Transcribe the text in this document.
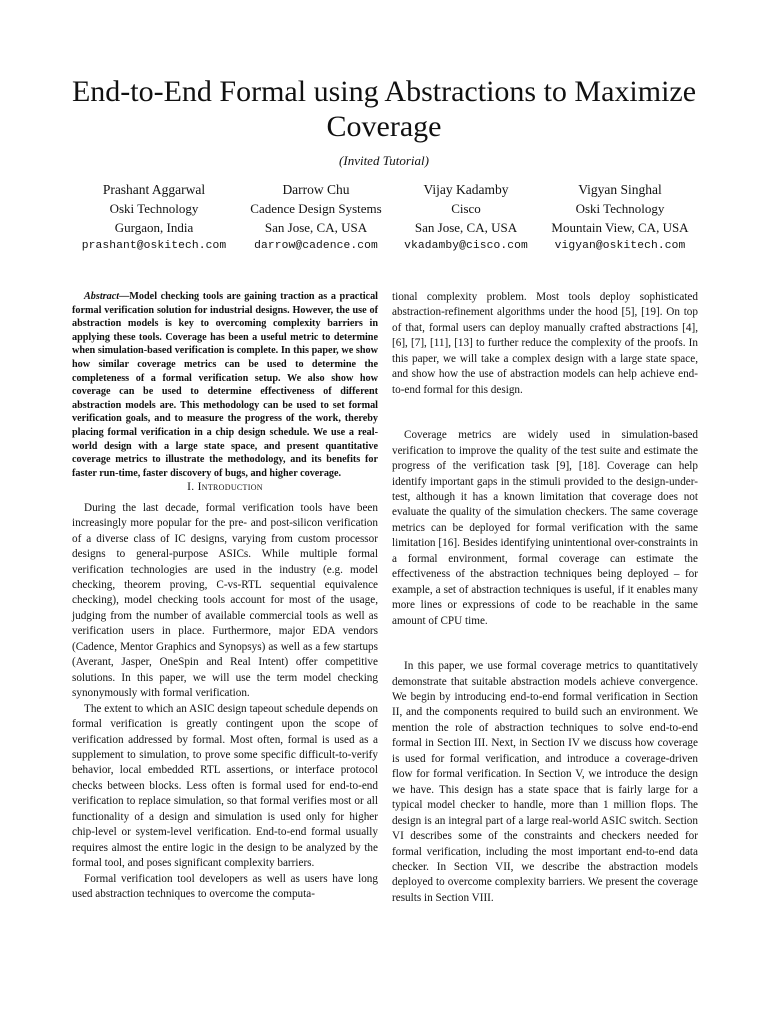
End-to-End Formal using Abstractions to Maximize Coverage
(Invited Tutorial)
Prashant Aggarwal
Oski Technology
Gurgaon, India
prashant@oskitech.com
Darrow Chu
Cadence Design Systems
San Jose, CA, USA
darrow@cadence.com
Vijay Kadamby
Cisco
San Jose, CA, USA
vkadamby@cisco.com
Vigyan Singhal
Oski Technology
Mountain View, CA, USA
vigyan@oskitech.com

Abstract—Model checking tools are gaining traction as a practical formal verification solution for industrial designs. However, the use of abstraction models is key to overcoming complexity barriers in applying these tools. Coverage has been a useful metric to determine when simulation-based verification is complete. In this paper, we show how similar coverage metrics can be used to determine the completeness of a formal verification setup. We also show how coverage can be used to determine effectiveness of different abstraction models are. This methodology can be used to set formal verification goals, and to measure the progress of the work, thereby placing formal verification in a chip design schedule. We use a real-world design with a large state space, and present quantitative coverage metrics to illustrate the methodology, and its benefits for faster run-time, faster discovery of bugs, and higher coverage.

I. Introduction

During the last decade, formal verification tools have been increasingly more popular for the pre- and post-silicon verification of a diverse class of IC designs, varying from custom processor designs to general-purpose ASICs. While multiple formal verification technologies are used in the industry (e.g. model checking, theorem proving, C-vs-RTL sequential equivalence checking), model checking tools account for most of the usage, judging from the number of available commercial tools as well as verification users in place. Furthermore, major EDA vendors (Cadence, Mentor Graphics and Synopsys) as well as a few startups (Averant, Jasper, OneSpin and Real Intent) offer competitive solutions. In this paper, we will use the term model checking synonymously with formal verification.

The extent to which an ASIC design tapeout schedule depends on formal verification is greatly contingent upon the scope of verification addressed by formal. Most often, formal is used as a supplement to simulation, to prove some specific difficult-to-verify behavior, local embedded RTL assertions, or interface protocol checks between blocks. Less often is formal used for end-to-end verification to replace simulation, so that formal verifies most or all functionality of a design and simulation is used only for higher chip-level or system-level verification. End-to-end formal usually requires almost the entire logic in the design to be analyzed by the formal tool, and poses significant complexity barriers.

Formal verification tool developers as well as users have long used abstraction techniques to overcome the computa-

tional complexity problem. Most tools deploy sophisticated abstraction-refinement algorithms under the hood [5], [19]. On top of that, formal users can deploy manually crafted abstractions [4], [6], [7], [11], [13] to further reduce the complexity of the proofs. In this paper, we will take a complex design with a large state space, and show how the use of abstraction models can help achieve end-to-end formal for this design.

Coverage metrics are widely used in simulation-based verification to improve the quality of the test suite and estimate the progress of the verification task [9], [18]. Coverage can help identify important gaps in the stimuli provided to the design-under-test, although it has a known limitation that coverage does not evaluate the quality of the simulation checkers. The same coverage metrics can be deployed for formal verification with the same limitation [16]. Besides identifying unintentional over-constraints in a formal environment, formal coverage can estimate the effectiveness of the abstraction techniques being deployed – for example, a set of abstraction techniques is useful, if it enables many more lines or expressions of code to be reachable in the same amount of CPU time.

In this paper, we use formal coverage metrics to quantitatively demonstrate that suitable abstraction models achieve convergence. We begin by introducing end-to-end formal verification in Section II, and the components required to build such an environment. We mention the role of abstraction techniques to solve end-to-end formal in Section III. Next, in Section IV we discuss how coverage is used for formal verification, and introduce a coverage-driven flow for formal verification. In Section V, we introduce the design we have. This design has a state space that is fairly large for a typical model checker to handle, more than 1 million flops. The design is an integral part of a large real-world ASIC switch. Section VI describes some of the constraints and checkers needed for formal verification, including the most important end-to-end data checker. In Section VII, we describe the abstraction models deployed to overcome complexity barriers. We present the coverage results in Section VIII.
